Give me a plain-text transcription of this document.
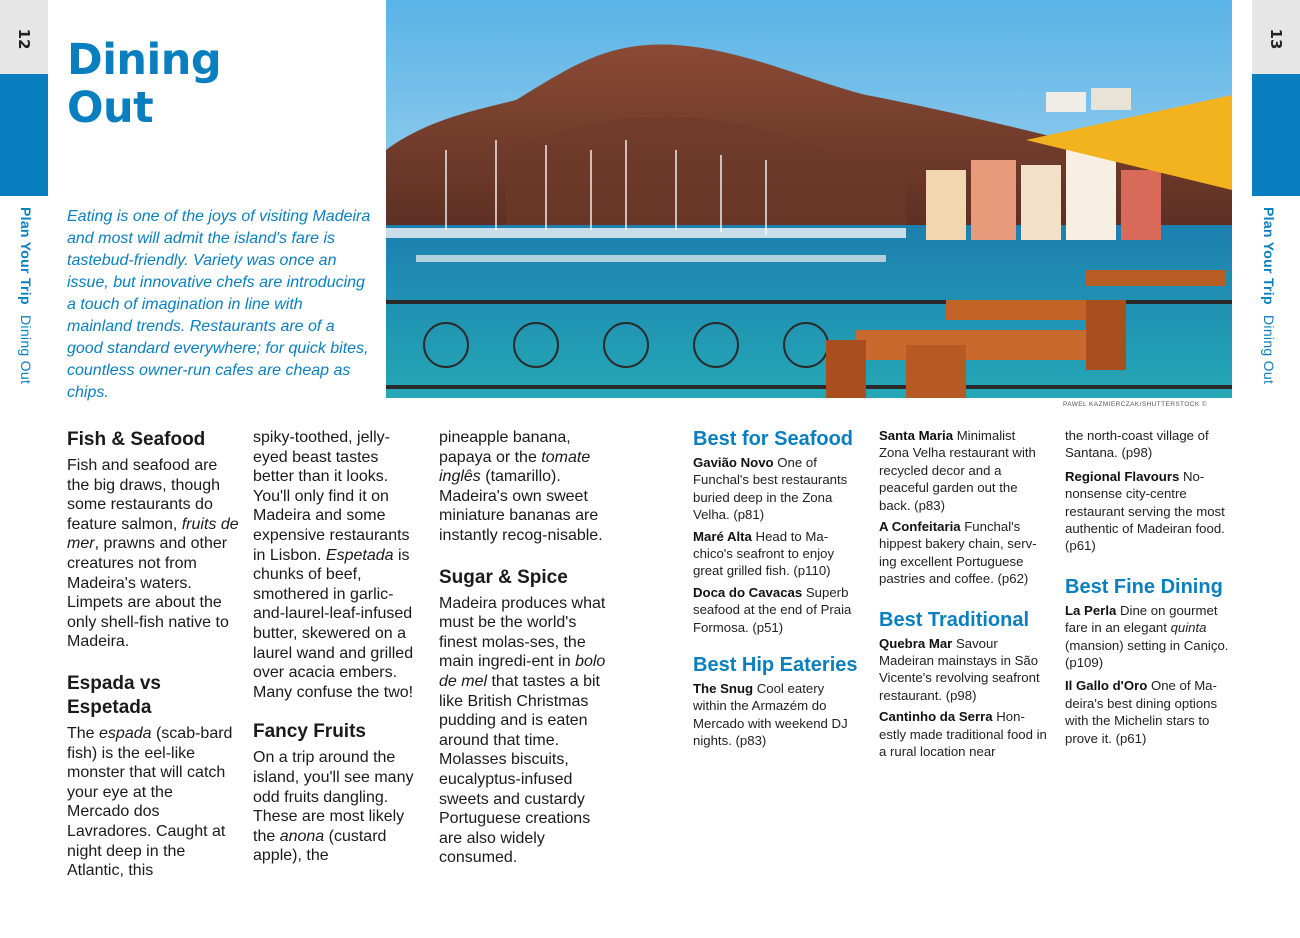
12
Plan Your Trip Dining Out
13
Plan Your Trip Dining Out
Dining
Out

Eating is one of the joys of visiting Madeira and most will admit the island's fare is tastebud-friendly. Variety was once an issue, but innovative chefs are introducing a touch of imagination in line with mainland trends. Restaurants are of a good standard everywhere; for quick bites, countless owner-run cafes are cheap as chips.

PAWEL KAZMIERCZAK/SHUTTERSTOCK ©
Fish & Seafood

Fish and seafood are the big draws, though some restaurants do feature salmon, fruits de mer, prawns and other creatures not from Madeira's waters. Limpets are about the only shell-fish native to Madeira.

Espada vs Espetada

The espada (scab-bard fish) is the eel-like monster that will catch your eye at the Mercado dos Lavradores. Caught at night deep in the Atlantic, this

spiky-toothed, jelly-eyed beast tastes better than it looks. You'll only find it on Madeira and some expensive restaurants in Lisbon. Espetada is chunks of beef, smothered in garlic-and-laurel-leaf-infused butter, skewered on a laurel wand and grilled over acacia embers. Many confuse the two!

Fancy Fruits

On a trip around the island, you'll see many odd fruits dangling. These are most likely the anona (custard apple), the

pineapple banana, papaya or the tomate inglês (tamarillo). Madeira's own sweet miniature bananas are instantly recog-nisable.

Sugar & Spice

Madeira produces what must be the world's finest molas-ses, the main ingredi-ent in bolo de mel that tastes a bit like British Christmas pudding and is eaten around that time. Molasses biscuits, eucalyptus-infused sweets and custardy Portuguese creations are also widely consumed.

Best for Seafood

Gavião Novo One of Funchal's best restaurants buried deep in the Zona Velha. (p81)

Maré Alta Head to Ma-chico's seafront to enjoy great grilled fish. (p110)

Doca do Cavacas Superb seafood at the end of Praia Formosa. (p51)

Best Hip Eateries

The Snug Cool eatery within the Armazém do Mercado with weekend DJ nights. (p83)

Santa Maria Minimalist Zona Velha restaurant with recycled decor and a peaceful garden out the back. (p83)

A Confeitaria Funchal's hippest bakery chain, serv-ing excellent Portuguese pastries and coffee. (p62)

Best Traditional

Quebra Mar Savour Madeiran mainstays in São Vicente's revolving seafront restaurant. (p98)

Cantinho da Serra Hon-estly made traditional food in a rural location near

the north-coast village of Santana. (p98)

Regional Flavours No-nonsense city-centre restaurant serving the most authentic of Madeiran food. (p61)

Best Fine Dining

La Perla Dine on gourmet fare in an elegant quinta (mansion) setting in Caniço. (p109)

Il Gallo d'Oro One of Ma-deira's best dining options with the Michelin stars to prove it. (p61)
